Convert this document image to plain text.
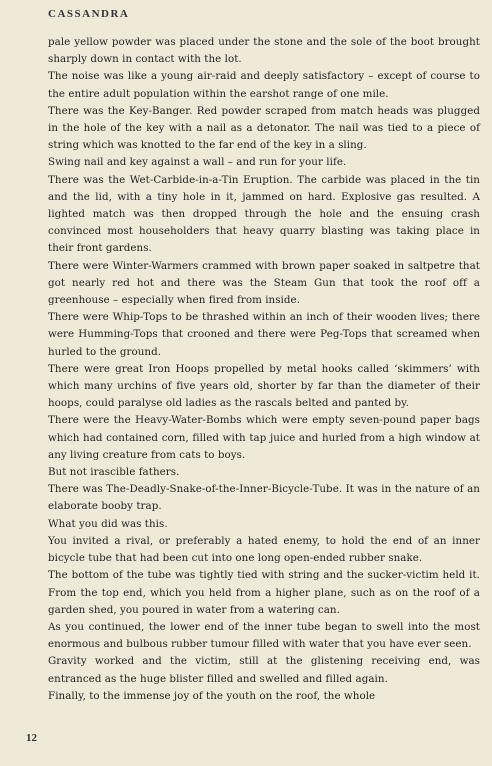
CASSANDRA

pale yellow powder was placed under the stone and the sole of the boot brought sharply down in contact with the lot.

The noise was like a young air-raid and deeply satisfactory – except of course to the entire adult population within the earshot range of one mile.

There was the Key-Banger. Red powder scraped from match heads was plugged in the hole of the key with a nail as a detonator. The nail was tied to a piece of string which was knotted to the far end of the key in a sling.

Swing nail and key against a wall – and run for your life.

There was the Wet-Carbide-in-a-Tin Eruption. The carbide was placed in the tin and the lid, with a tiny hole in it, jammed on hard. Explosive gas resulted. A lighted match was then dropped through the hole and the ensuing crash convinced most householders that heavy quarry blasting was taking place in their front gardens.

There were Winter-Warmers crammed with brown paper soaked in saltpetre that got nearly red hot and there was the Steam Gun that took the roof off a greenhouse – especially when fired from inside.

There were Whip-Tops to be thrashed within an inch of their wooden lives; there were Humming-Tops that crooned and there were Peg-Tops that screamed when hurled to the ground.

There were great Iron Hoops propelled by metal hooks called ‘skimmers’ with which many urchins of five years old, shorter by far than the diameter of their hoops, could paralyse old ladies as the rascals belted and panted by.

There were the Heavy-Water-Bombs which were empty seven-pound paper bags which had contained corn, filled with tap juice and hurled from a high window at any living creature from cats to boys.

But not irascible fathers.

There was The-Deadly-Snake-of-the-Inner-Bicycle-Tube. It was in the nature of an elaborate booby trap.

What you did was this.

You invited a rival, or preferably a hated enemy, to hold the end of an inner bicycle tube that had been cut into one long open-ended rubber snake.

The bottom of the tube was tightly tied with string and the sucker-victim held it. From the top end, which you held from a higher plane, such as on the roof of a garden shed, you poured in water from a watering can.

As you continued, the lower end of the inner tube began to swell into the most enormous and bulbous rubber tumour filled with water that you have ever seen.

Gravity worked and the victim, still at the glistening receiving end, was entranced as the huge blister filled and swelled and filled again.

Finally, to the immense joy of the youth on the roof, the whole

12
